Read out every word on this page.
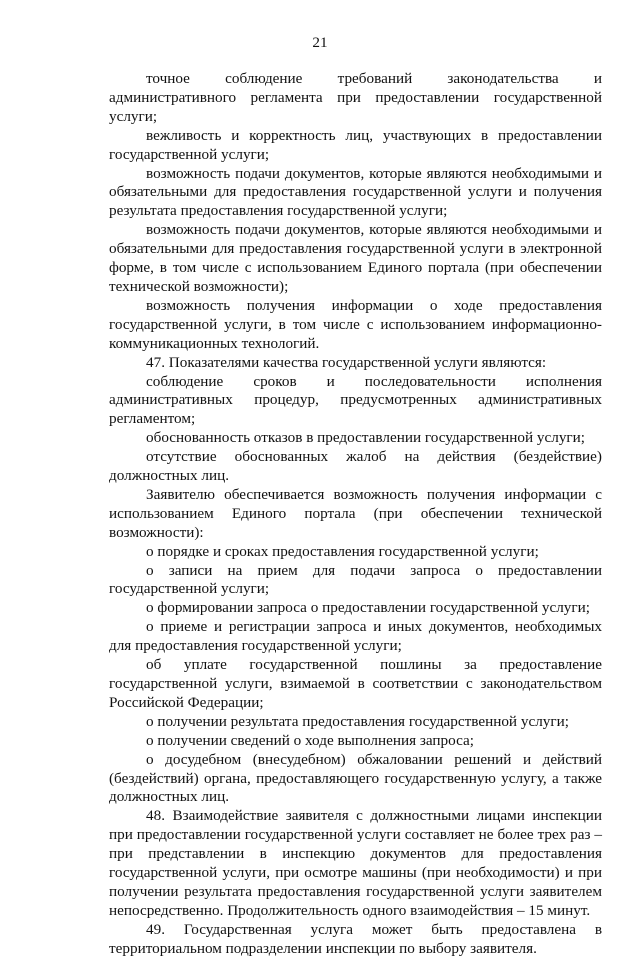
21

точное соблюдение требований законодательства и административного регламента при предоставлении государственной услуги;

вежливость и корректность лиц, участвующих в предоставлении государственной услуги;

возможность подачи документов, которые являются необходимыми и обязательными для предоставления государственной услуги и получения результата предоставления государственной услуги;

возможность подачи документов, которые являются необходимыми и обязательными для предоставления государственной услуги в электронной форме, в том числе с использованием Единого портала (при обеспечении технической возможности);

возможность получения информации о ходе предоставления государственной услуги, в том числе с использованием информационно-коммуникационных технологий.

47. Показателями качества государственной услуги являются:

соблюдение сроков и последовательности исполнения административных процедур, предусмотренных административных регламентом;

обоснованность отказов в предоставлении государственной услуги;

отсутствие обоснованных жалоб на действия (бездействие) должностных лиц.

Заявителю обеспечивается возможность получения информации с использованием Единого портала (при обеспечении технической возможности):

о порядке и сроках предоставления государственной услуги;

о записи на прием для подачи запроса о предоставлении государственной услуги;

о формировании запроса о предоставлении государственной услуги;

о приеме и регистрации запроса и иных документов, необходимых для предоставления государственной услуги;

об уплате государственной пошлины за предоставление государственной услуги, взимаемой в соответствии с законодательством Российской Федерации;

о получении результата предоставления государственной услуги;

о получении сведений о ходе выполнения запроса;

о досудебном (внесудебном) обжаловании решений и действий (бездействий) органа, предоставляющего государственную услугу, а также должностных лиц.

48. Взаимодействие заявителя с должностными лицами инспекции при предоставлении государственной услуги составляет не более трех раз – при представлении в инспекцию документов для предоставления государственной услуги, при осмотре машины (при необходимости) и при получении результата предоставления государственной услуги заявителем непосредственно. Продолжительность одного взаимодействия – 15 минут.

49. Государственная услуга может быть предоставлена в территориальном подразделении инспекции по выбору заявителя.
